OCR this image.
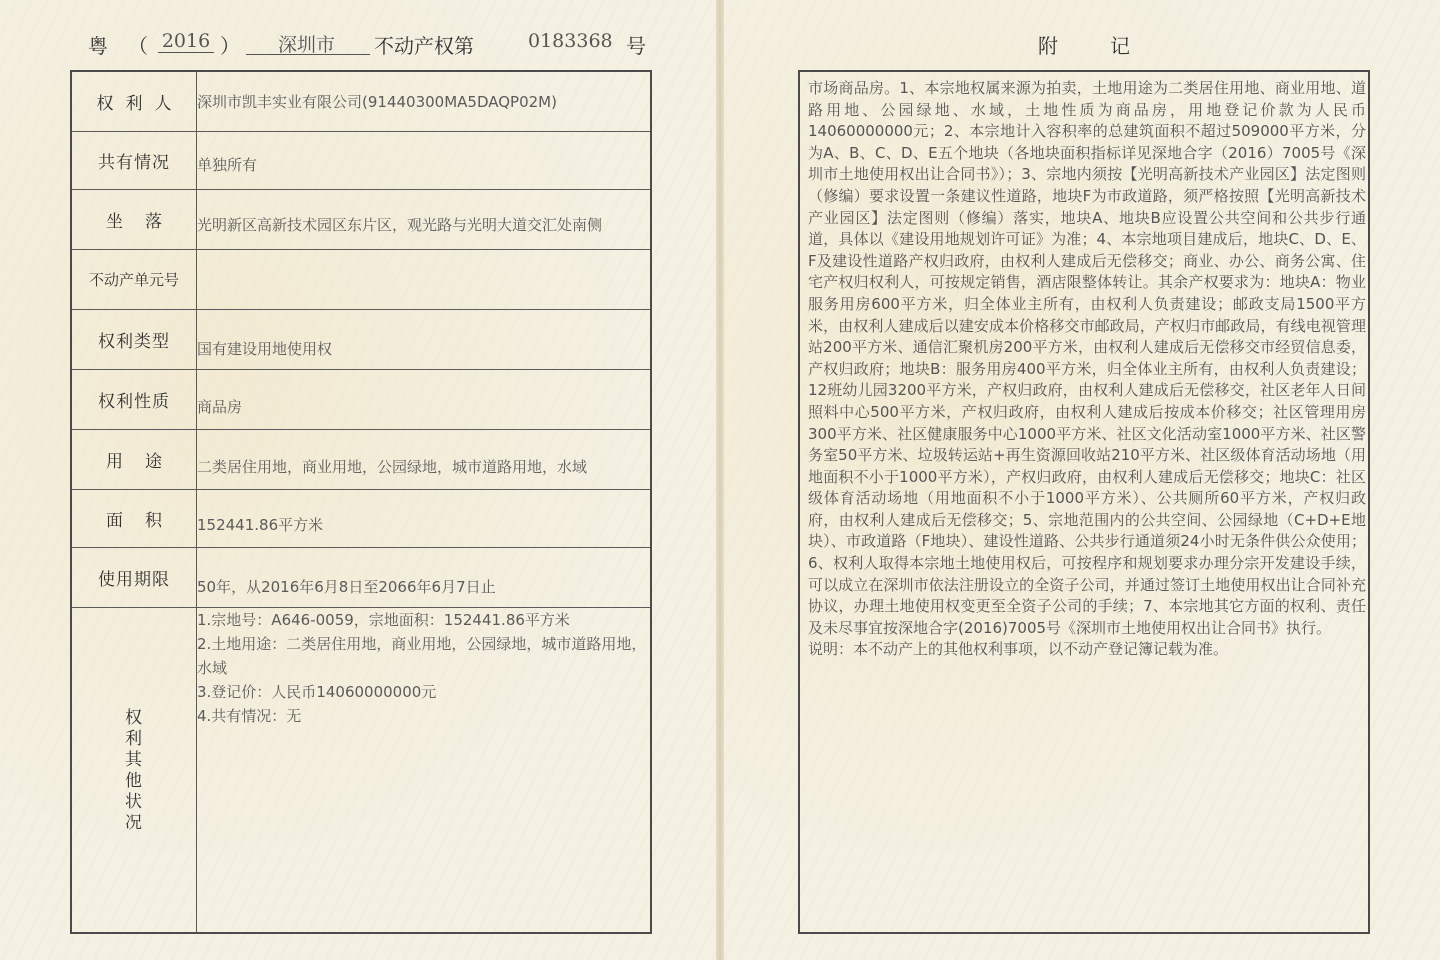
粤 （ 2016 ）
深圳市 不动产权第	0183368 号
权利人	深圳市凯丰实业有限公司(91440300MA5DAQP02M)
共有情况	单独所有
坐落	光明新区高新技术园区东片区，观光路与光明大道交汇处南侧
不动产单元号	
权利类型	国有建设用地使用权
权利性质	商品房
用途	二类居住用地，商业用地，公园绿地，城市道路用地，水域
面积	152441.86平方米
使用期限	50年，从2016年6月8日至2066年6月7日止
权利其他状况	1.宗地号：A646-0059，宗地面积：152441.86平方米
2.土地用途：二类居住用地，商业用地，公园绿地，城市道路用地，水域
3.登记价：人民币14060000000元
4.共有情况：无
附记

市场商品房。1、本宗地权属来源为拍卖，土地用途为二类居住用地、商业用地、道路用地、公园绿地、水域，土地性质为商品房，用地登记价款为人民币14060000000元；2、本宗地计入容积率的总建筑面积不超过509000平方米，分为A、B、C、D、E五个地块（各地块面积指标详见深地合字（2016）7005号《深圳市土地使用权出让合同书》）；3、宗地内须按【光明高新技术产业园区】法定图则（修编）要求设置一条建议性道路，地块F为市政道路，须严格按照【光明高新技术产业园区】法定图则（修编）落实，地块A、地块B应设置公共空间和公共步行通道，具体以《建设用地规划许可证》为准；4、本宗地项目建成后，地块C、D、E、F及建设性道路产权归政府，由权利人建成后无偿移交；商业、办公、商务公寓、住宅产权归权利人，可按规定销售，酒店限整体转让。其余产权要求为：地块A：物业服务用房600平方米，归全体业主所有，由权利人负责建设；邮政支局1500平方米，由权利人建成后以建安成本价格移交市邮政局，产权归市邮政局，有线电视管理站200平方米、通信汇聚机房200平方米，由权利人建成后无偿移交市经贸信息委，产权归政府；地块B：服务用房400平方米，归全体业主所有，由权利人负责建设；12班幼儿园3200平方米，产权归政府，由权利人建成后无偿移交，社区老年人日间照料中心500平方米，产权归政府，由权利人建成后按成本价移交；社区管理用房300平方米、社区健康服务中心1000平方米、社区文化活动室1000平方米、社区警务室50平方米、垃圾转运站+再生资源回收站210平方米、社区级体育活动场地（用地面积不小于1000平方米），产权归政府，由权利人建成后无偿移交；地块C：社区级体育活动场地（用地面积不小于1000平方米）、公共厕所60平方米，产权归政府，由权利人建成后无偿移交；5、宗地范围内的公共空间、公园绿地（C+D+E地块）、市政道路（F地块）、建设性道路、公共步行通道须24小时无条件供公众使用；6、权利人取得本宗地土地使用权后，可按程序和规划要求办理分宗开发建设手续，可以成立在深圳市依法注册设立的全资子公司，并通过签订土地使用权出让合同补充协议，办理土地使用权变更至全资子公司的手续；7、本宗地其它方面的权利、责任及未尽事宜按深地合字(2016)7005号《深圳市土地使用权出让合同书》执行。

说明：本不动产上的其他权利事项，以不动产登记簿记载为准。
